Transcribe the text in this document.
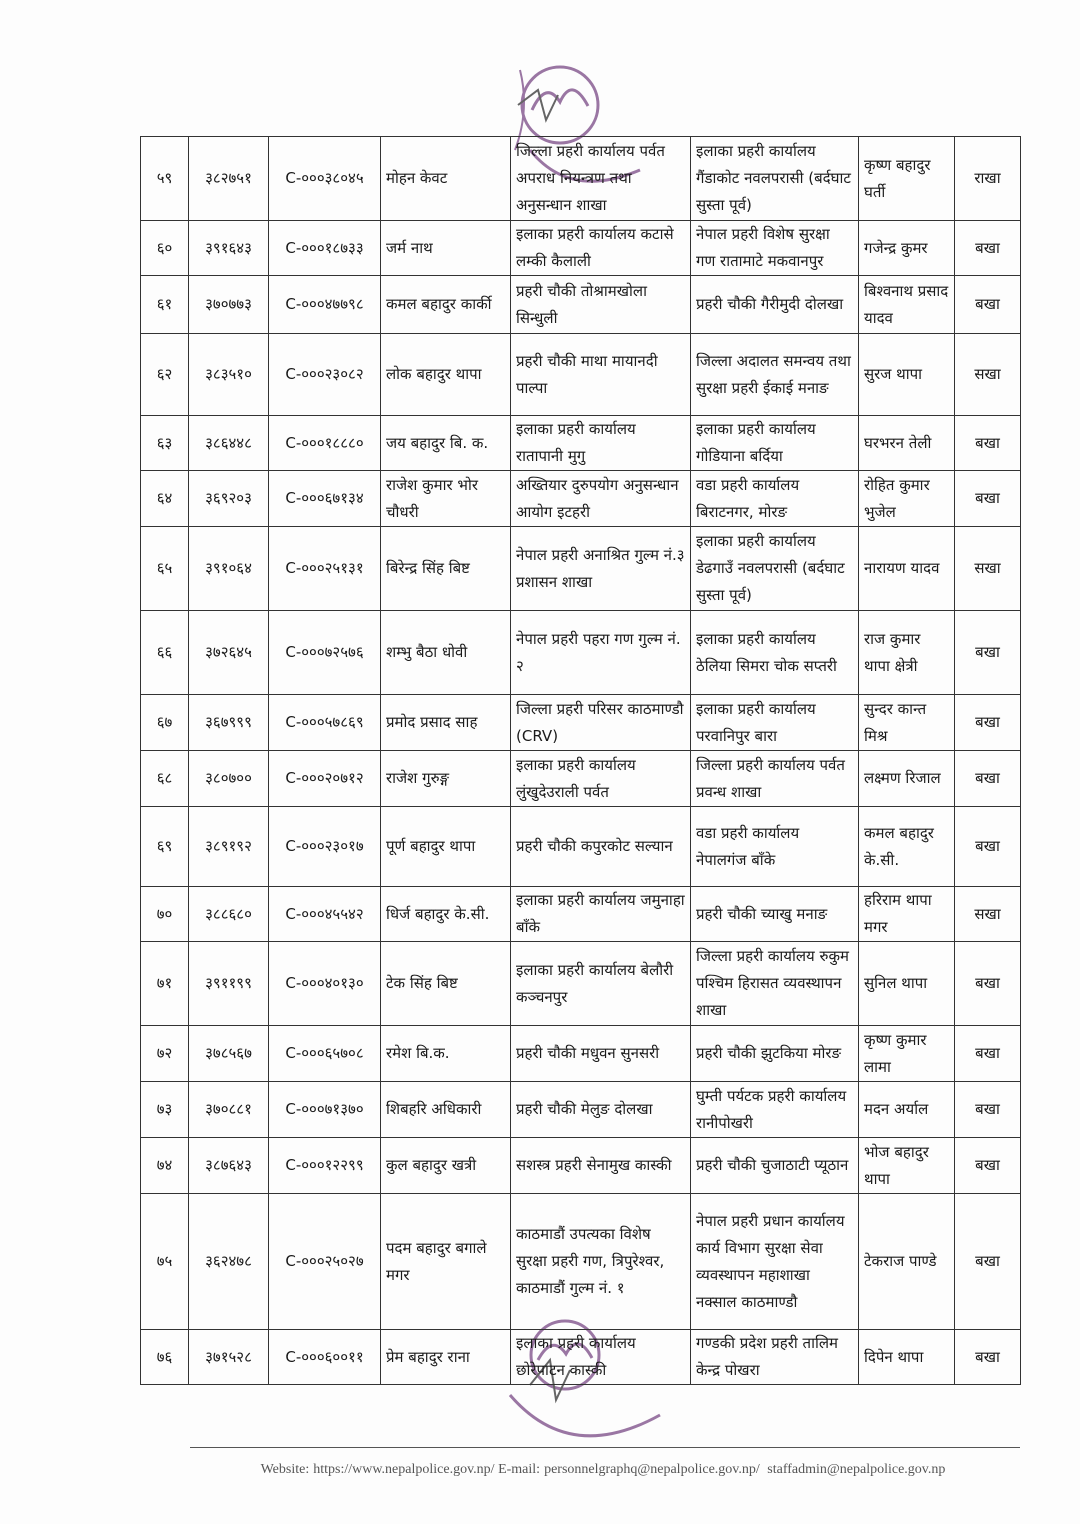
५९	३८२७५१	C-०००३८०४५	मोहन केवट	जिल्ला प्रहरी कार्यालय पर्वत अपराध नियन्त्रण तथा अनुसन्धान शाखा	इलाका प्रहरी कार्यालय गैंडाकोट नवलपरासी (बर्दघाट सुस्ता पूर्व)	कृष्ण बहादुर घर्ती	राखा
६०	३९१६४३	C-०००१८७३३	जर्म नाथ	इलाका प्रहरी कार्यालय कटासे लम्की कैलाली	नेपाल प्रहरी विशेष सुरक्षा गण रातामाटे मकवानपुर	गजेन्द्र कुमर	बखा
६१	३७०७७३	C-०००४७७९८	कमल बहादुर कार्की	प्रहरी चौकी तोश्रामखोला सिन्धुली	प्रहरी चौकी गैरीमुदी दोलखा	बिश्वनाथ प्रसाद यादव	बखा
६२	३८३५१०	C-०००२३०८२	लोक बहादुर थापा	प्रहरी चौकी माथा मायानदी पाल्पा	जिल्ला अदालत समन्वय तथा सुरक्षा प्रहरी ईकाई मनाङ	सुरज थापा	सखा
६३	३८६४४८	C-०००१८८८०	जय बहादुर बि. क.	इलाका प्रहरी कार्यालय रातापानी मुगु	इलाका प्रहरी कार्यालय गोडियाना बर्दिया	घरभरन तेली	बखा
६४	३६९२०३	C-०००६७१३४	राजेश कुमार भोर चौधरी	अख्तियार दुरुपयोग अनुसन्धान आयोग इटहरी	वडा प्रहरी कार्यालय बिराटनगर, मोरङ	रोहित कुमार भुजेल	बखा
६५	३९१०६४	C-०००२५१३१	बिरेन्द्र सिंह बिष्ट	नेपाल प्रहरी अनाश्रित गुल्म नं.३ प्रशासन शाखा	इलाका प्रहरी कार्यालय डेढगाउँ नवलपरासी (बर्दघाट सुस्ता पूर्व)	नारायण यादव	सखा
६६	३७२६४५	C-०००७२५७६	शम्भु बैठा धोवी	नेपाल प्रहरी पहरा गण गुल्म नं. २	इलाका प्रहरी कार्यालय ठेलिया सिमरा चोक सप्तरी	राज कुमार थापा क्षेत्री	बखा
६७	३६७९९९	C-०००५७८६९	प्रमोद प्रसाद साह	जिल्ला प्रहरी परिसर काठमाण्डौ (CRV)	इलाका प्रहरी कार्यालय परवानिपुर बारा	सुन्दर कान्त मिश्र	बखा
६८	३८०७००	C-०००२०७१२	राजेश गुरुङ्ग	इलाका प्रहरी कार्यालय लुंखुदेउराली पर्वत	जिल्ला प्रहरी कार्यालय पर्वत प्रवन्ध शाखा	लक्ष्मण रिजाल	बखा
६९	३८९१९२	C-०००२३०१७	पूर्ण बहादुर थापा	प्रहरी चौकी कपुरकोट सल्यान	वडा प्रहरी कार्यालय नेपालगंज बाँके	कमल बहादुर के.सी.	बखा
७०	३८८६८०	C-०००४५५४२	धिर्ज बहादुर के.सी.	इलाका प्रहरी कार्यालय जमुनाहा बाँके	प्रहरी चौकी च्याखु मनाङ	हरिराम थापा मगर	सखा
७१	३९११९९	C-०००४०१३०	टेक सिंह बिष्ट	इलाका प्रहरी कार्यालय बेलौरी कञ्चनपुर	जिल्ला प्रहरी कार्यालय रुकुम पश्चिम हिरासत व्यवस्थापन शाखा	सुनिल थापा	बखा
७२	३७८५६७	C-०००६५७०८	रमेश बि.क.	प्रहरी चौकी मधुवन सुनसरी	प्रहरी चौकी झुटकिया मोरङ	कृष्ण कुमार लामा	बखा
७३	३७०८८१	C-०००७१३७०	शिबहरि अधिकारी	प्रहरी चौकी मेलुङ दोलखा	घुम्ती पर्यटक प्रहरी कार्यालय रानीपोखरी	मदन अर्याल	बखा
७४	३८७६४३	C-०००१२२९९	कुल बहादुर खत्री	सशस्त्र प्रहरी सेनामुख कास्की	प्रहरी चौकी चुजाठाटी प्यूठान	भोज बहादुर थापा	बखा
७५	३६२४७८	C-०००२५०२७	पदम बहादुर बगाले मगर	काठमाडौं उपत्यका विशेष सुरक्षा प्रहरी गण, त्रिपुरेश्वर, काठमाडौं गुल्म नं. १	नेपाल प्रहरी प्रधान कार्यालय कार्य विभाग सुरक्षा सेवा व्यवस्थापन महाशाखा नक्साल काठमाण्डौ	टेकराज पाण्डे	बखा
७६	३७१५२८	C-०००६००११	प्रेम बहादुर राना	इलाका प्रहरी कार्यालय छोरेपाटन कास्की	गण्डकी प्रदेश प्रहरी तालिम केन्द्र पोखरा	दिपेन थापा	बखा
Website: https://www.nepalpolice.gov.np/ E-mail: personnelgraphq@nepalpolice.gov.np/ staffadmin@nepalpolice.gov.np
